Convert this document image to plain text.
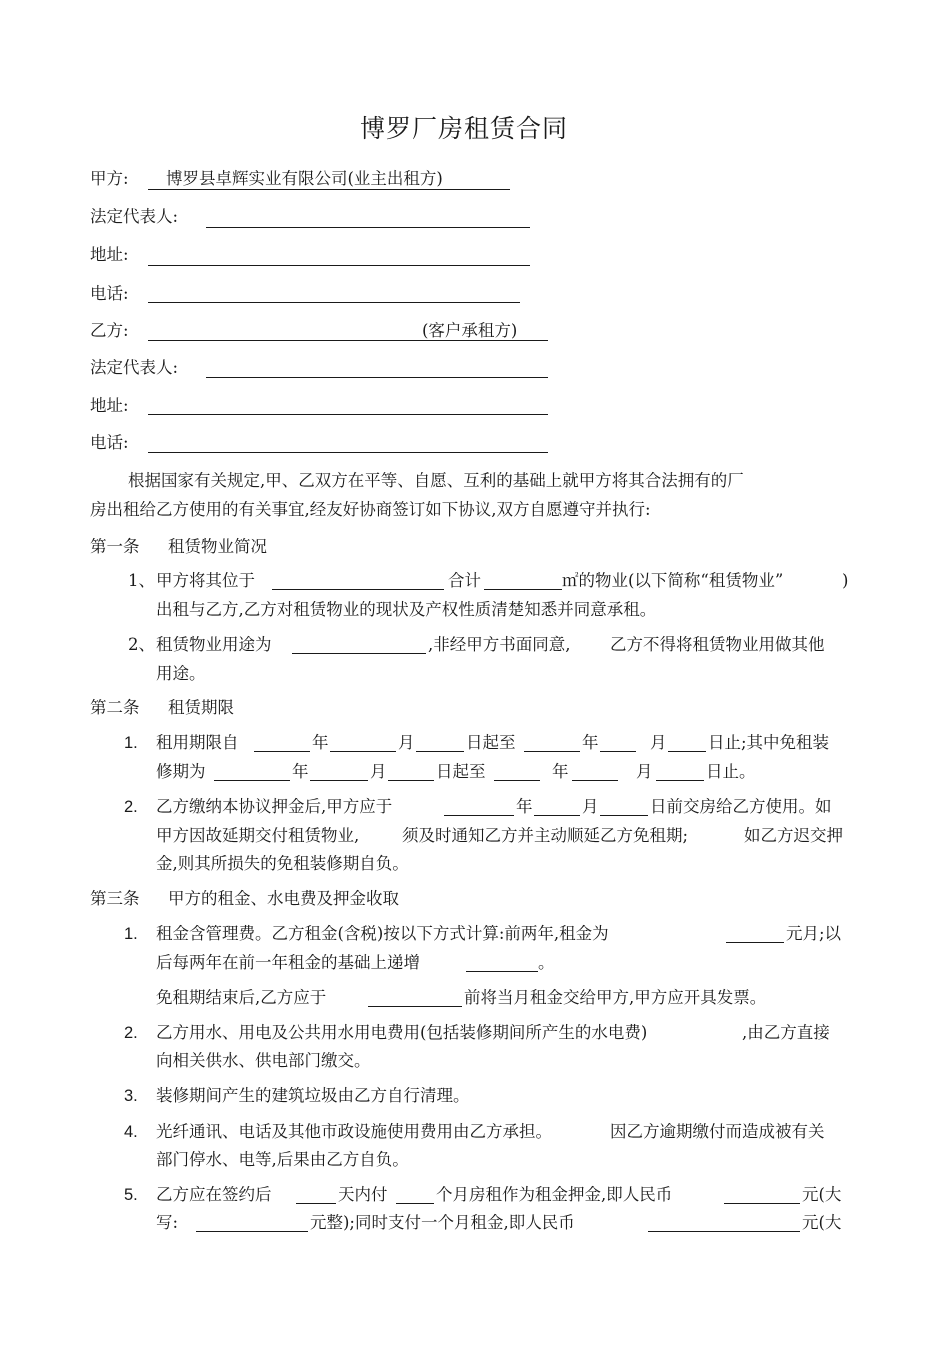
博罗厂房租赁合同
甲方: 博罗县卓辉实业有限公司(业主出租方)
法定代表人:
地址:
电话:
乙方:	(客户承租方)
法定代表人:
地址:
电话:
根据国家有关规定,甲、乙双方在平等、自愿、互利的基础上就甲方将其合法拥有的厂
房出租给乙方使用的有关事宜,经友好协商签订如下协议,双方自愿遵守并执行:
第一条 租赁物业简况
1、 甲方将其位于	合计	㎡的物业(以下简称“租赁物业”	)
出租与乙方,乙方对租赁物业的现状及产权性质清楚知悉并同意承租。
2、 租赁物业用途为	,非经甲方书面同意, 乙方不得将租赁物业用做其他
用途。
第二条 租赁期限
1. 租用期限自	年	月	日起至	年	月	日止;其中免租装
修期为	年	月	日起至	年	月	日止。
2. 乙方缴纳本协议押金后,甲方应于	年	月	日前交房给乙方使用。如
甲方因故延期交付租赁物业,	须及时通知乙方并主动顺延乙方免租期;	如乙方迟交押
金,则其所损失的免租装修期自负。
第三条 甲方的租金、水电费及押金收取
1. 租金含管理费。乙方租金(含税)按以下方式计算:前两年,租金为	元月;以
后每两年在前一年租金的基础上递增	。
免租期结束后,乙方应于	前将当月租金交给甲方,甲方应开具发票。
2. 乙方用水、用电及公共用水用电费用(包括装修期间所产生的水电费)	,由乙方直接
向相关供水、供电部门缴交。
3. 装修期间产生的建筑垃圾由乙方自行清理。
4. 光纤通讯、电话及其他市政设施使用费用由乙方承担。	因乙方逾期缴付而造成被有关
部门停水、电等,后果由乙方自负。
5. 乙方应在签约后	天内付	个月房租作为租金押金,即人民币	元(大
写:	元整);同时支付一个月租金,即人民币	元(大
